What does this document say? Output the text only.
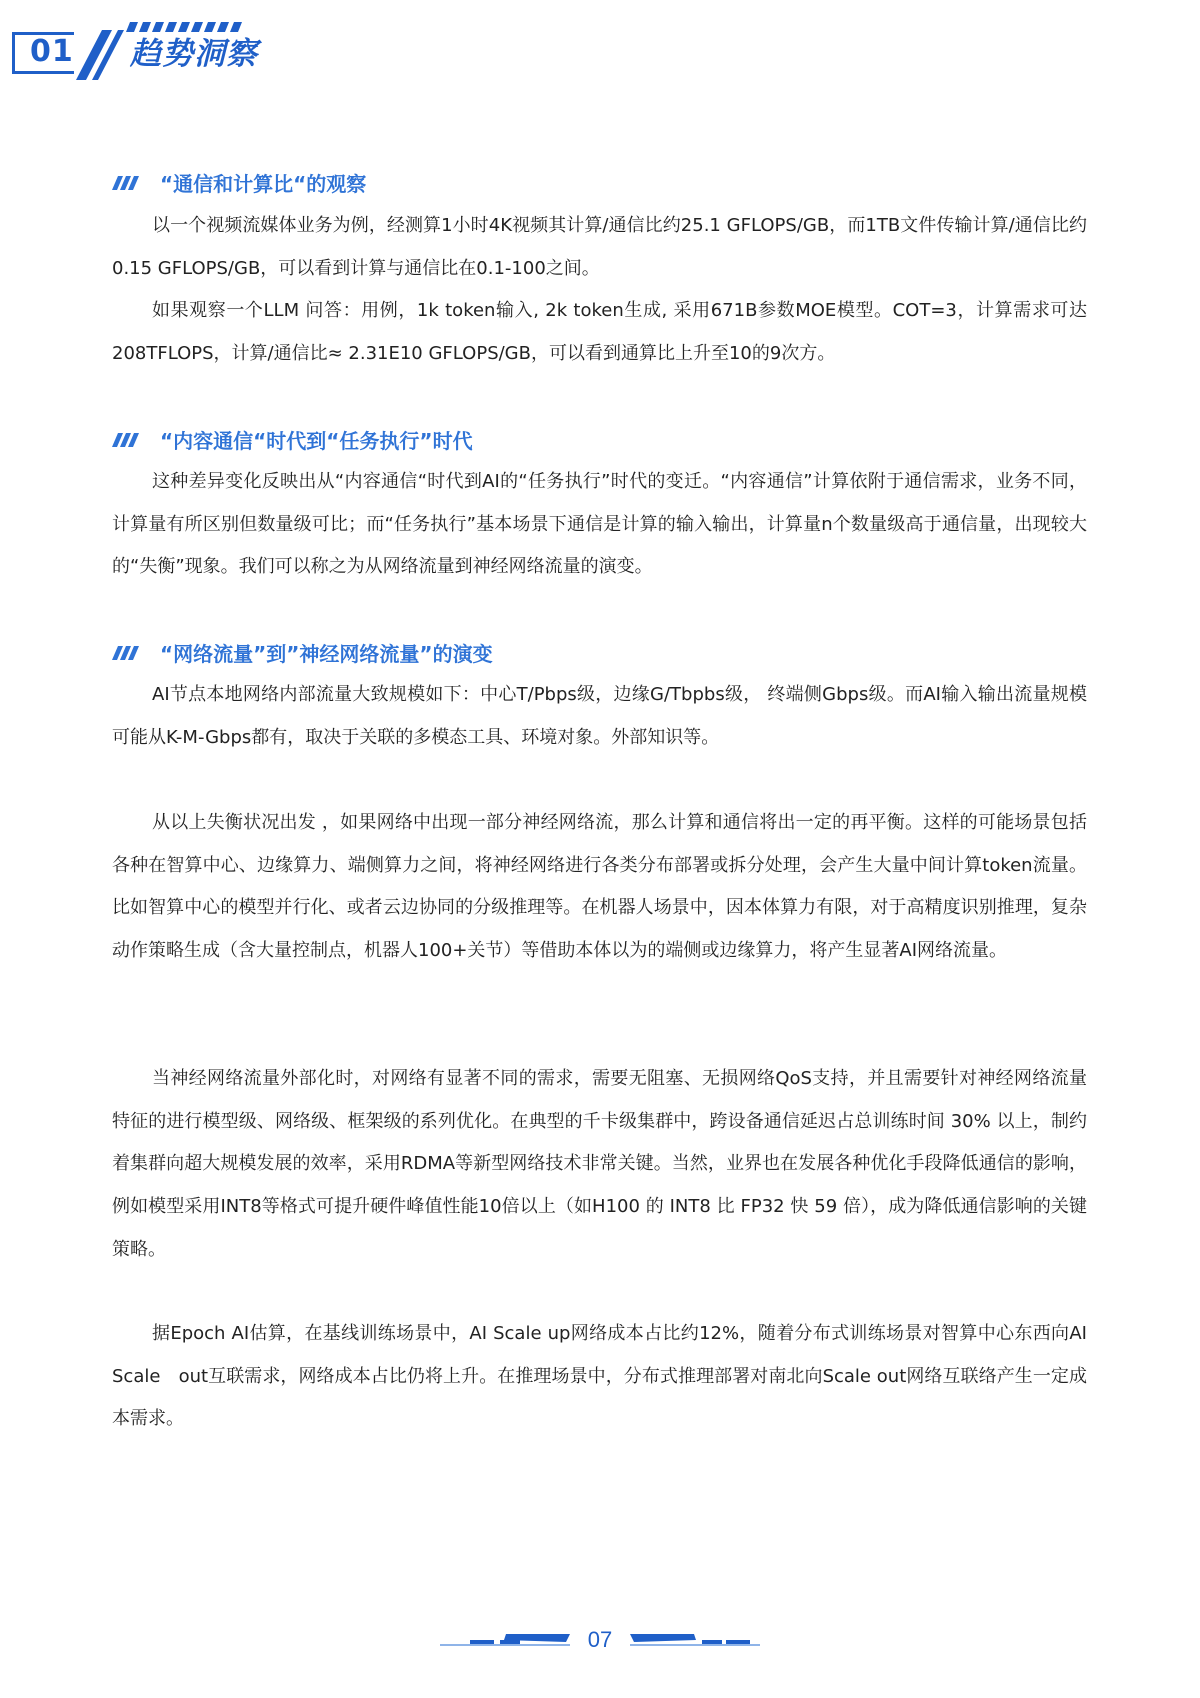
01 趋势洞察
“通信和计算比“的观察

以一个视频流媒体业务为例，经测算1小时4K视频其计算/通信比约25.1 GFLOPS/GB，而1TB文件传输计算/通信比约 0.15 GFLOPS/GB，可以看到计算与通信比在0.1-100之间。

如果观察一个LLM 问答：用例，1k token输入, 2k token生成, 采用671B参数MOE模型。COT=3，计算需求可达208TFLOPS，计算/通信比≈ 2.31E10 GFLOPS/GB，可以看到通算比上升至10的9次方。

“内容通信“时代到“任务执行”时代

这种差异变化反映出从“内容通信“时代到AI的“任务执行”时代的变迁。“内容通信”计算依附于通信需求，业务不同，计算量有所区别但数量级可比；而“任务执行”基本场景下通信是计算的输入输出，计算量n个数量级高于通信量，出现较大的“失衡”现象。我们可以称之为从网络流量到神经网络流量的演变。

“网络流量”到”神经网络流量”的演变

AI节点本地网络内部流量大致规模如下：中心T/Pbps级，边缘G/Tbpbs级， 终端侧Gbps级。而AI输入输出流量规模可能从K-M-Gbps都有，取决于关联的多模态工具、环境对象。外部知识等。

从以上失衡状况出发 ，如果网络中出现一部分神经网络流，那么计算和通信将出一定的再平衡。这样的可能场景包括各种在智算中心、边缘算力、端侧算力之间，将神经网络进行各类分布部署或拆分处理，会产生大量中间计算token流量。比如智算中心的模型并行化、或者云边协同的分级推理等。在机器人场景中，因本体算力有限，对于高精度识别推理，复杂动作策略生成（含大量控制点，机器人100+关节）等借助本体以为的端侧或边缘算力，将产生显著AI网络流量。

当神经网络流量外部化时，对网络有显著不同的需求，需要无阻塞、无损网络QoS支持，并且需要针对神经网络流量特征的进行模型级、网络级、框架级的系列优化。在典型的千卡级集群中，跨设备通信延迟占总训练时间 30% 以上，制约着集群向超大规模发展的效率，采用RDMA等新型网络技术非常关键。当然，业界也在发展各种优化手段降低通信的影响，例如模型采用INT8等格式可提升硬件峰值性能10倍以上（如H100 的 INT8 比 FP32 快 59 倍），成为降低通信影响的关键策略。

据Epoch AI估算，在基线训练场景中，AI Scale up网络成本占比约12%，随着分布式训练场景对智算中心东西向AI　Scale　out互联需求，网络成本占比仍将上升。在推理场景中，分布式推理部署对南北向Scale out网络互联络产生一定成本需求。

07
